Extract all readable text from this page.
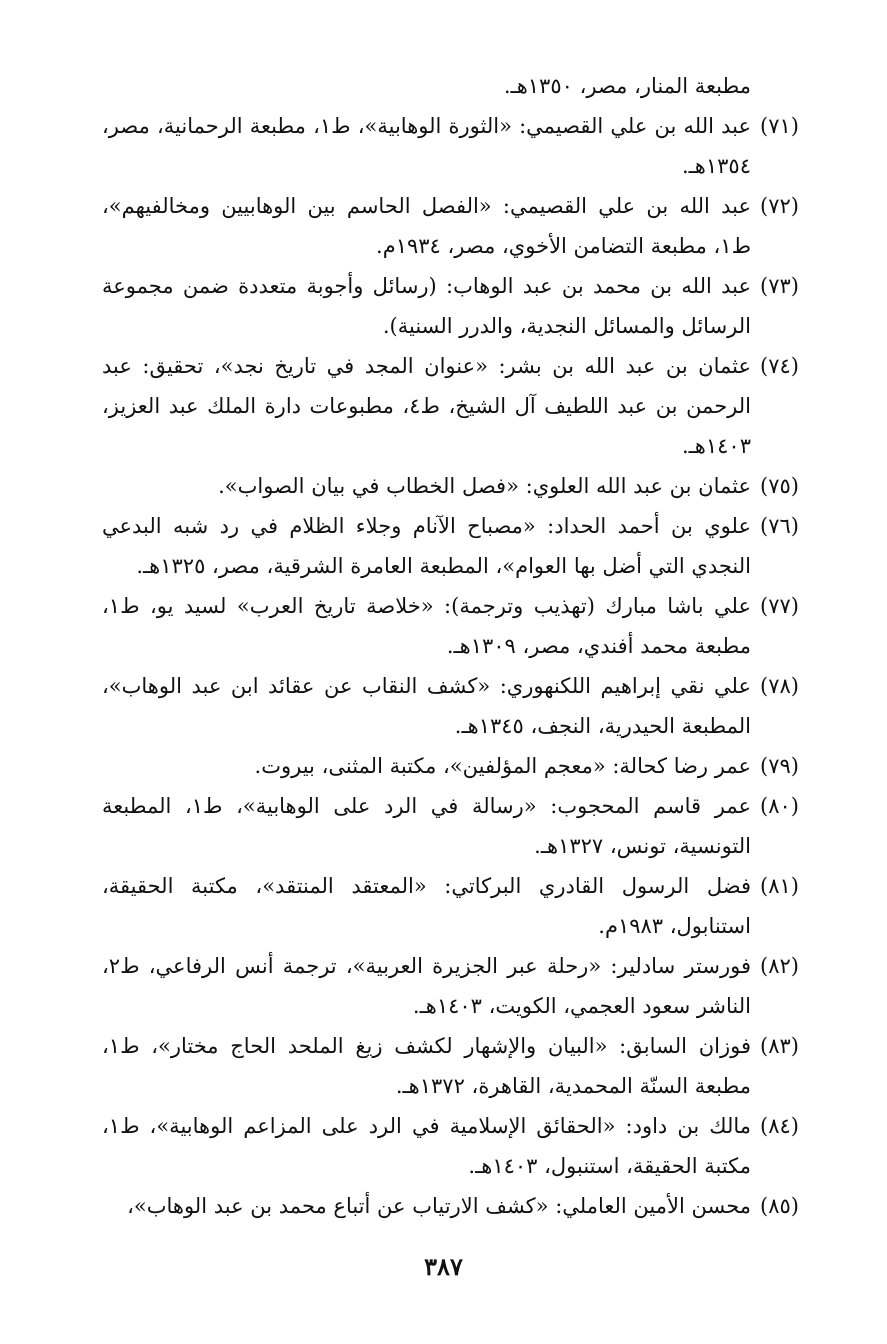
مطبعة المنار، مصر، ١٣٥٠هـ.
(٧١)
عبد الله بن علي القصيمي: «الثورة الوهابية»، ط١، مطبعة الرحمانية، مصر، ١٣٥٤هـ.
(٧٢)
عبد الله بن علي القصيمي: «الفصل الحاسم بين الوهابيين ومخالفيهم»، ط١، مطبعة التضامن الأخوي، مصر، ١٩٣٤م.
(٧٣)
عبد الله بن محمد بن عبد الوهاب: (رسائل وأجوبة متعددة ضمن مجموعة الرسائل والمسائل النجدية، والدرر السنية).
(٧٤)
عثمان بن عبد الله بن بشر: «عنوان المجد في تاريخ نجد»، تحقيق: عبد الرحمن بن عبد اللطيف آل الشيخ، ط٤، مطبوعات دارة الملك عبد العزيز، ١٤٠٣هـ.
(٧٥)
عثمان بن عبد الله العلوي: «فصل الخطاب في بيان الصواب».
(٧٦)
علوي بن أحمد الحداد: «مصباح الآنام وجلاء الظلام في رد شبه البدعي النجدي التي أضل بها العوام»، المطبعة العامرة الشرقية، مصر، ١٣٢٥هـ.
(٧٧)
علي باشا مبارك (تهذيب وترجمة): «خلاصة تاريخ العرب» لسيد يو، ط١، مطبعة محمد أفندي، مصر، ١٣٠٩هـ.
(٧٨)
علي نقي إبراهيم اللكنهوري: «كشف النقاب عن عقائد ابن عبد الوهاب»، المطبعة الحيدرية، النجف، ١٣٤٥هـ.
(٧٩)
عمر رضا كحالة: «معجم المؤلفين»، مكتبة المثنى، بيروت.
(٨٠)
عمر قاسم المحجوب: «رسالة في الرد على الوهابية»، ط١، المطبعة التونسية، تونس، ١٣٢٧هـ.
(٨١)
فضل الرسول القادري البركاتي: «المعتقد المنتقد»، مكتبة الحقيقة، استنابول، ١٩٨٣م.
(٨٢)
فورستر سادلير: «رحلة عبر الجزيرة العربية»، ترجمة أنس الرفاعي، ط٢، الناشر سعود العجمي، الكويت، ١٤٠٣هـ.
(٨٣)
فوزان السابق: «البيان والإشهار لكشف زيغ الملحد الحاج مختار»، ط١، مطبعة السنّة المحمدية، القاهرة، ١٣٧٢هـ.
(٨٤)
مالك بن داود: «الحقائق الإسلامية في الرد على المزاعم الوهابية»، ط١، مكتبة الحقيقة، استنبول، ١٤٠٣هـ.
(٨٥)
محسن الأمين العاملي: «كشف الارتياب عن أتباع محمد بن عبد الوهاب»،
٣٨٧
